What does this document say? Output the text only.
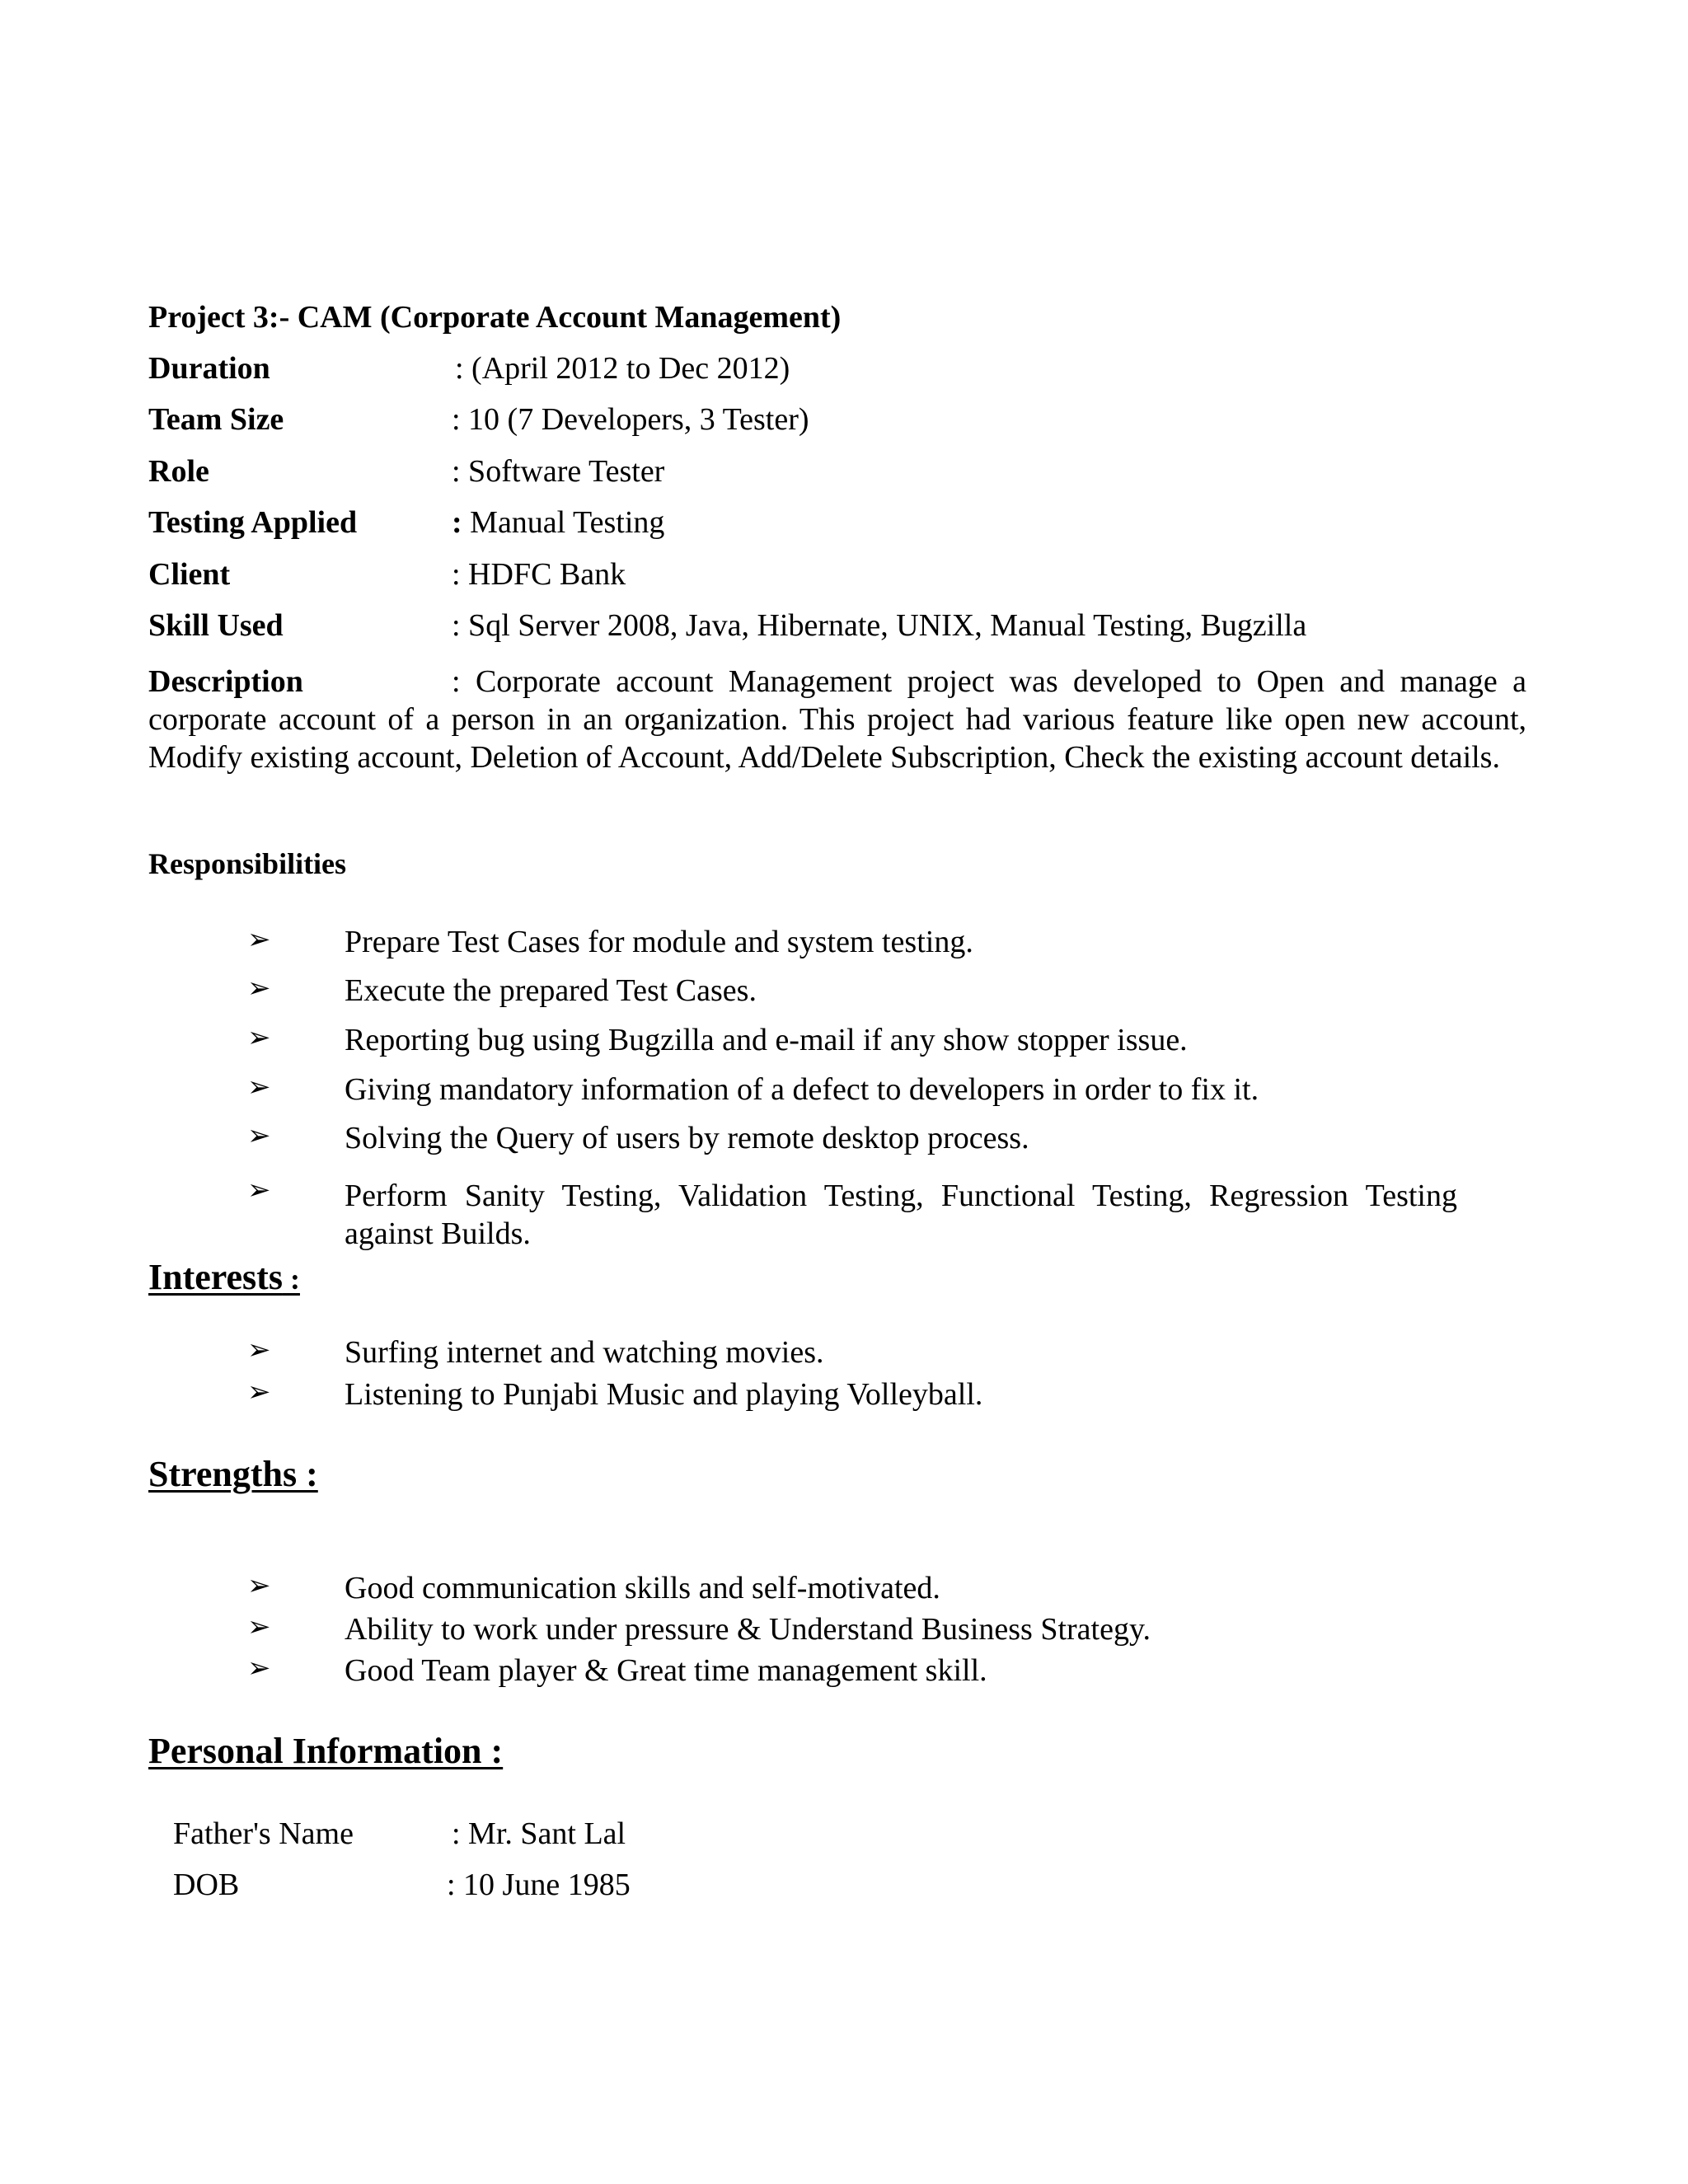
Project 3:- CAM (Corporate Account Management)
Duration	: (April 2012 to Dec 2012)
Team Size	: 10 (7 Developers, 3 Tester)
Role	: Software Tester
Testing Applied	: Manual Testing
Client	: HDFC Bank
Skill Used	: Sql Server 2008, Java, Hibernate, UNIX, Manual Testing, Bugzilla
Description	: Corporate account Management project was developed to Open and manage a corporate account of a person in an organization. This project had various feature like open new account, Modify existing account, Deletion of Account, Add/Delete Subscription, Check the existing account details.
Responsibilities
➢ Prepare Test Cases for module and system testing.
➢ Execute the prepared Test Cases.
➢ Reporting bug using Bugzilla and e-mail if any show stopper issue.
➢ Giving mandatory information of a defect to developers in order to fix it.
➢ Solving the Query of users by remote desktop process.
➢ Perform Sanity Testing, Validation Testing, Functional Testing, Regression Testing against Builds.
Interests :
➢ Surfing internet and watching movies.
➢ Listening to Punjabi Music and playing Volleyball.
Strengths :
➢ Good communication skills and self-motivated.
➢ Ability to work under pressure & Understand Business Strategy.
➢ Good Team player & Great time management skill.
Personal Information :
Father's Name	: Mr. Sant Lal
DOB	: 10 June 1985
